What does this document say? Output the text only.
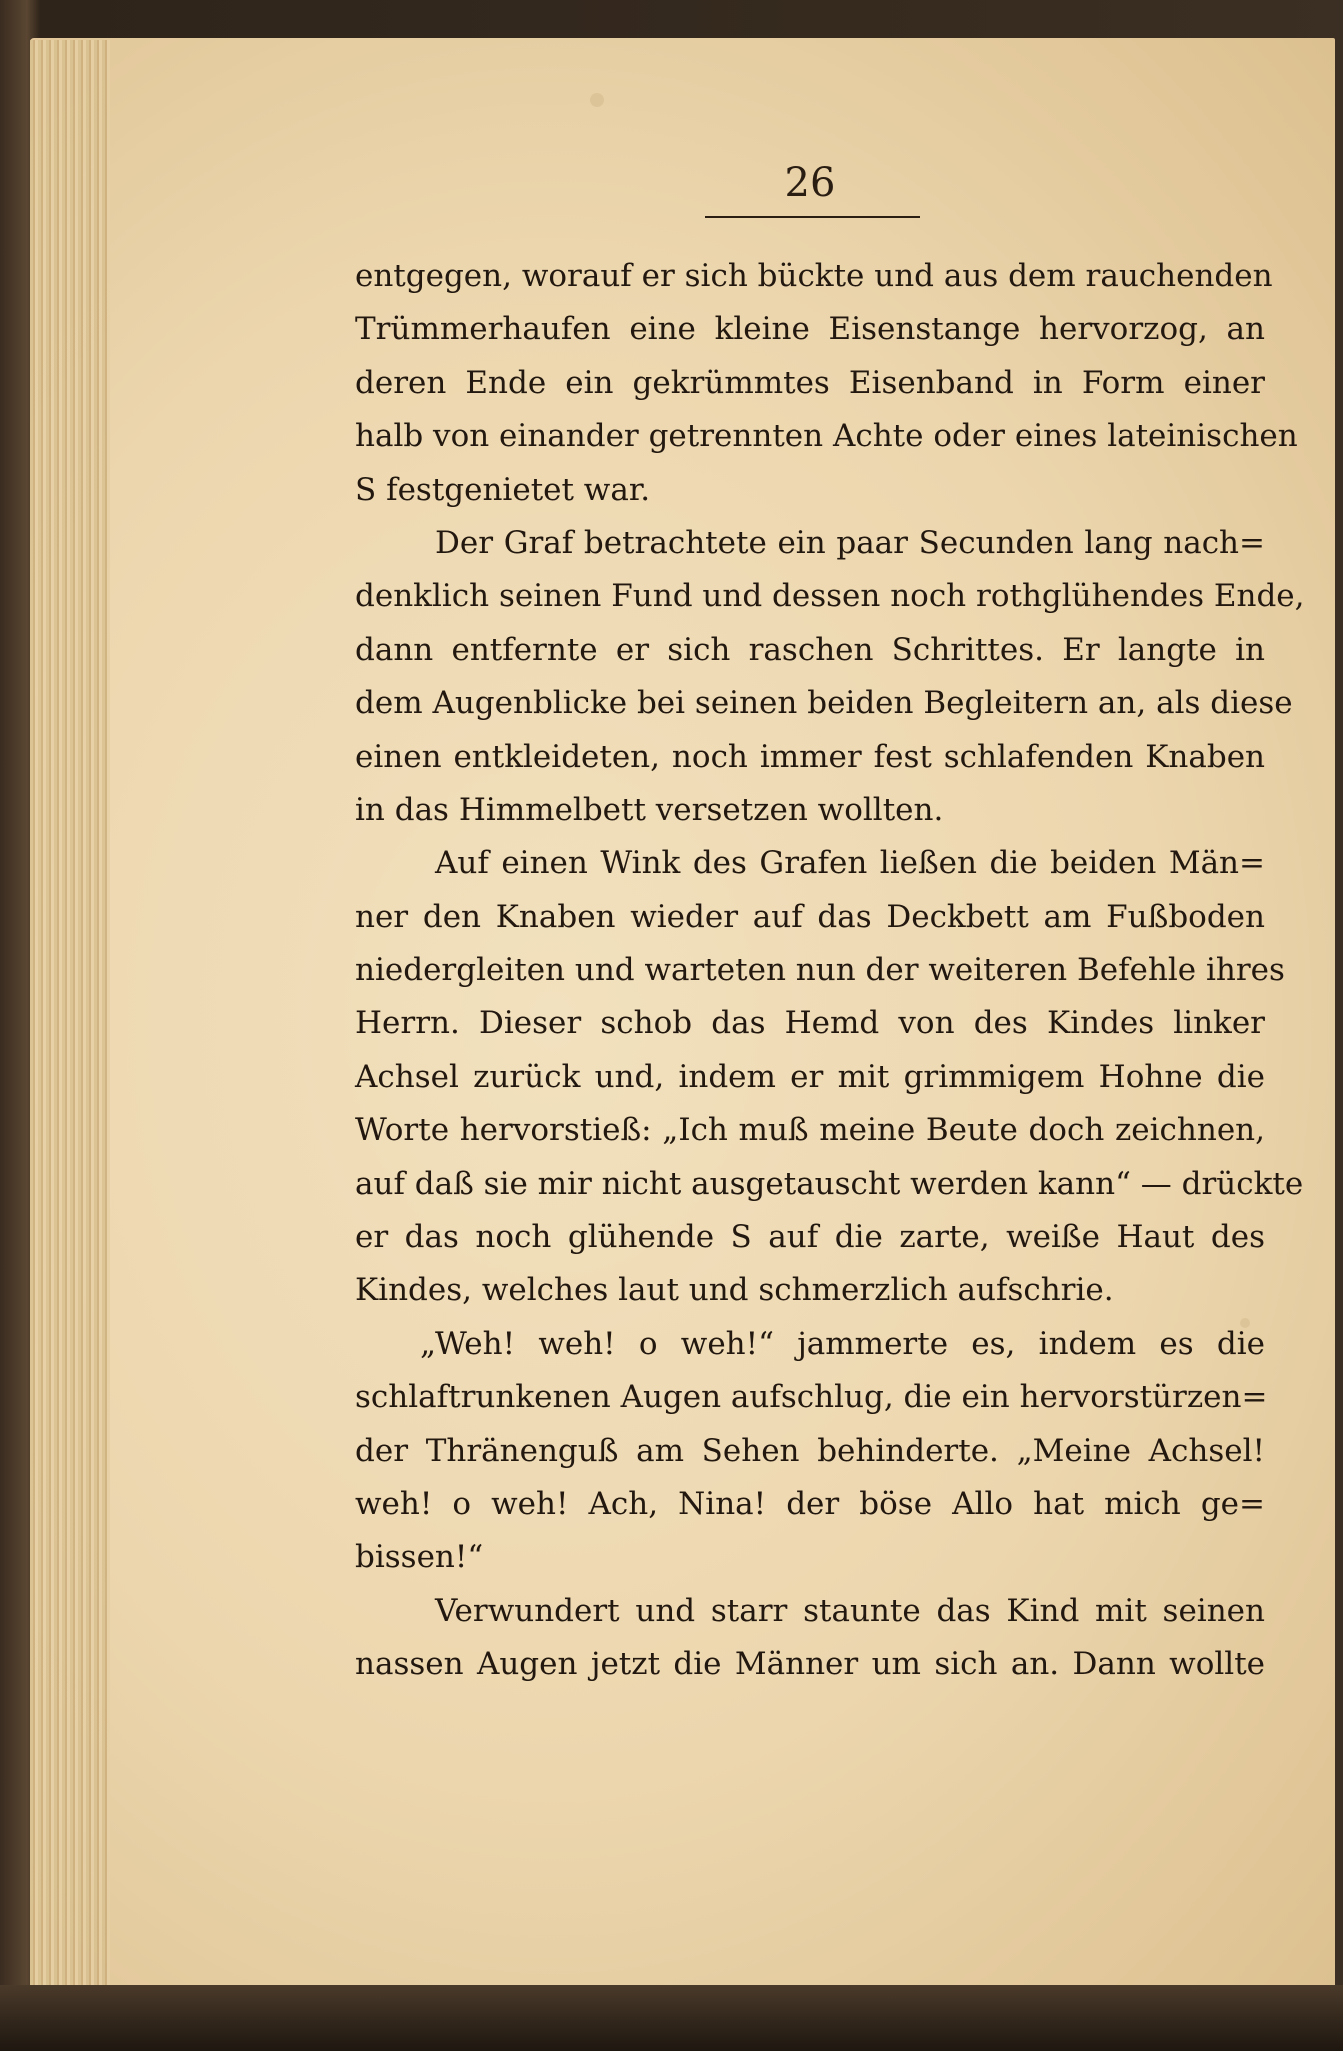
26
entgegen, worauf er sich bückte und aus dem rauchenden
Trümmerhaufen eine kleine Eisenstange hervorzog, an
deren Ende ein gekrümmtes Eisenband in Form einer
halb von einander getrennten Achte oder eines lateinischen
S festgenietet war.
Der Graf betrachtete ein paar Secunden lang nach=
denklich seinen Fund und dessen noch rothglühendes Ende,
dann entfernte er sich raschen Schrittes. Er langte in
dem Augenblicke bei seinen beiden Begleitern an, als diese
einen entkleideten, noch immer fest schlafenden Knaben
in das Himmelbett versetzen wollten.
Auf einen Wink des Grafen ließen die beiden Män=
ner den Knaben wieder auf das Deckbett am Fußboden
niedergleiten und warteten nun der weiteren Befehle ihres
Herrn. Dieser schob das Hemd von des Kindes linker
Achsel zurück und, indem er mit grimmigem Hohne die
Worte hervorstieß: „Ich muß meine Beute doch zeichnen,
auf daß sie mir nicht ausgetauscht werden kann“ — drückte
er das noch glühende S auf die zarte, weiße Haut des
Kindes, welches laut und schmerzlich aufschrie.
„Weh! weh! o weh!“ jammerte es, indem es die
schlaftrunkenen Augen aufschlug, die ein hervorstürzen=
der Thränenguß am Sehen behinderte. „Meine Achsel!
weh! o weh! Ach, Nina! der böse Allo hat mich ge=
bissen!“
Verwundert und starr staunte das Kind mit seinen
nassen Augen jetzt die Männer um sich an. Dann wollte
